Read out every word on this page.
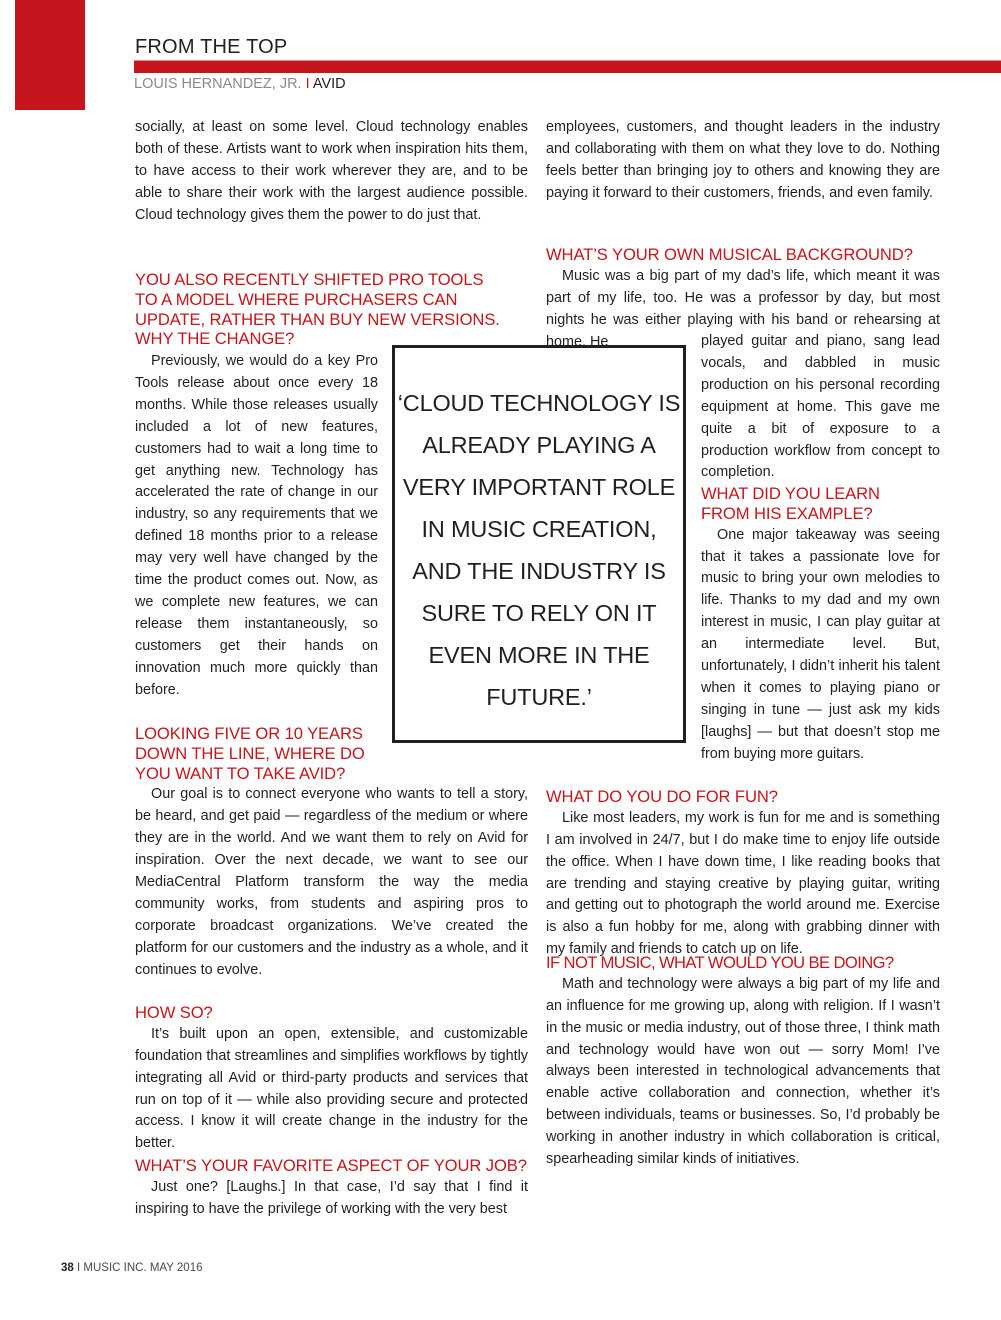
FROM THE TOP
LOUIS HERNANDEZ, JR. I AVID

socially, at least on some level. Cloud technology enables both of these. Artists want to work when inspiration hits them, to have access to their work wherever they are, and to be able to share their work with the largest audience possible. Cloud technology gives them the power to do just that.

YOU ALSO RECENTLY SHIFTED PRO TOOLS TO A MODEL WHERE PURCHASERS CAN UPDATE, RATHER THAN BUY NEW VERSIONS. WHY THE CHANGE?

Previously, we would do a key Pro Tools release about once every 18 months. While those releases usually included a lot of new features, customers had to wait a long time to get anything new. Technology has accelerated the rate of change in our industry, so any requirements that we defined 18 months prior to a release may very well have changed by the time the product comes out. Now, as we complete new features, we can release them instantaneously, so customers get their hands on innovation much more quickly than before.

LOOKING FIVE OR 10 YEARS DOWN THE LINE, WHERE DO YOU WANT TO TAKE AVID?

Our goal is to connect everyone who wants to tell a story, be heard, and get paid — regardless of the medium or where they are in the world. And we want them to rely on Avid for inspiration. Over the next decade, we want to see our MediaCentral Platform transform the way the media community works, from students and aspiring pros to corporate broadcast organizations. We’ve created the platform for our customers and the industry as a whole, and it continues to evolve.

HOW SO?

It’s built upon an open, extensible, and customizable foundation that streamlines and simplifies workflows by tightly integrating all Avid or third-party products and services that run on top of it — while also providing secure and protected access. I know it will create change in the industry for the better.

WHAT’S YOUR FAVORITE ASPECT OF YOUR JOB?

Just one? [Laughs.] In that case, I’d say that I find it inspiring to have the privilege of working with the very best

‘CLOUD TECHNOLOGY IS ALREADY PLAYING A VERY IMPORTANT ROLE IN MUSIC CREATION, AND THE INDUSTRY IS SURE TO RELY ON IT EVEN MORE IN THE FUTURE.’

employees, customers, and thought leaders in the industry and collaborating with them on what they love to do. Nothing feels better than bringing joy to others and knowing they are paying it forward to their customers, friends, and even family.

WHAT’S YOUR OWN MUSICAL BACKGROUND?

Music was a big part of my dad’s life, which meant it was part of my life, too. He was a professor by day, but most nights he was either playing with his band or rehearsing at home. He	played guitar and piano, sang lead vocals, and dabbled in music production on his personal recording equipment at home. This gave me quite a bit of exposure to a production workflow from concept to completion.

WHAT DID YOU LEARN FROM HIS EXAMPLE?

One major takeaway was seeing that it takes a passionate love for music to bring your own melodies to life. Thanks to my dad and my own interest in music, I can play guitar at an intermediate level. But, unfortunately, I didn’t inherit his talent when it comes to playing piano or singing in tune — just ask my kids [laughs] — but that doesn’t stop me from buying more guitars.

WHAT DO YOU DO FOR FUN?

Like most leaders, my work is fun for me and is something I am involved in 24/7, but I do make time to enjoy life outside the office. When I have down time, I like reading books that are trending and staying creative by playing guitar, writing and getting out to photograph the world around me. Exercise is also a fun hobby for me, along with grabbing dinner with my family and friends to catch up on life.

IF NOT MUSIC, WHAT WOULD YOU BE DOING?

Math and technology were always a big part of my life and an influence for me growing up, along with religion. If I wasn’t in the music or media industry, out of those three, I think math and technology would have won out — sorry Mom! I’ve always been interested in technological advancements that enable active collaboration and connection, whether it’s between individuals, teams or businesses. So, I’d probably be working in another industry in which collaboration is critical, spearheading similar kinds of initiatives.

38 I MUSIC INC. MAY 2016
